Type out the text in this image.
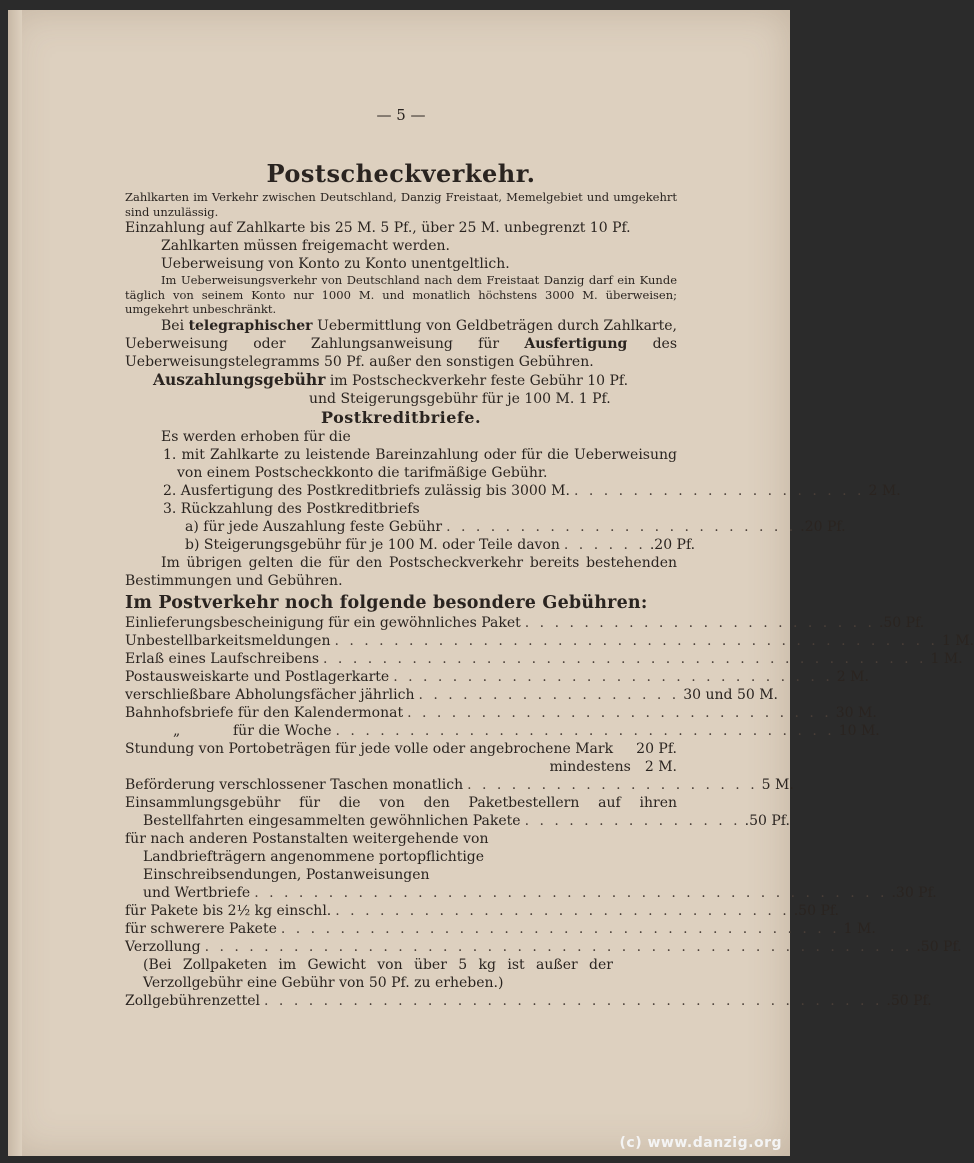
— 5 —
Postscheckverkehr.

Zahlkarten im Verkehr zwischen Deutschland, Danzig Freistaat, Memelgebiet und umgekehrt sind unzulässig.

Einzahlung auf Zahlkarte bis 25 M. 5 Pf., über 25 M. unbegrenzt 10 Pf.

Zahlkarten müssen freigemacht werden.

Ueberweisung von Konto zu Konto unentgeltlich.

Im Ueberweisungsverkehr von Deutschland nach dem Freistaat Danzig darf ein Kunde täglich von seinem Konto nur 1000 M. und monatlich höchstens 3000 M. überweisen; umgekehrt unbeschränkt.

Bei telegraphischer Uebermittlung von Geldbeträgen durch Zahlkarte, Ueberweisung oder Zahlungsanweisung für Ausfertigung des Ueberweisungstelegramms 50 Pf. außer den sonstigen Gebühren.

Auszahlungsgebühr im Postscheckverkehr feste Gebühr 10 Pf.

und Steigerungsgebühr für je 100 M. 1 Pf.

Postkreditbriefe.

Es werden erhoben für die

1. mit Zahlkarte zu leistende Bareinzahlung oder für die Ueberweisung von einem Postscheckkonto die tarifmäßige Gebühr.

2. Ausfertigung des Postkreditbriefs zulässig bis 3000 M. . . . . . . . . . . . . . . . . . . . . 2 M.

3. Rückzahlung des Postkreditbriefs

a) für jede Auszahlung feste Gebühr . . . . . . . . . . . . . . . . . . . . . . . . .20 Pf.
b) Steigerungsgebühr für je 100 M. oder Teile davon . . . . . . .20 Pf.

Im übrigen gelten die für den Postscheckverkehr bereits bestehenden Bestimmungen und Gebühren.

Im Postverkehr noch folgende besondere Gebühren:
Einlieferungsbescheinigung für ein gewöhnliches Paket . . . . . . . . . . . . . . . . . . . . . . . . .50 Pf.
Unbestellbarkeitsmeldungen . . . . . . . . . . . . . . . . . . . . . . . . . . . . . . . . . . . . . . . . . 1 M.
Erlaß eines Laufschreibens . . . . . . . . . . . . . . . . . . . . . . . . . . . . . . . . . . . . . . . . . 1 M.
Postausweiskarte und Postlagerkarte . . . . . . . . . . . . . . . . . . . . . . . . . . . . . . 2 M.
verschließbare Abholungsfächer jährlich . . . . . . . . . . . . . . . . . . 30 und 50 M.
Bahnhofsbriefe für den Kalendermonat . . . . . . . . . . . . . . . . . . . . . . . . . . . . . 30 M.
„	für die Woche . . . . . . . . . . . . . . . . . . . . . . . . . . . . . . . . . . 10 M.
Stundung von Portobeträgen für jede volle oder angebrochene Mark 20 Pf.
mindestens 2 M.
Beförderung verschlossener Taschen monatlich . . . . . . . . . . . . . . . . . . . . 5 M.

Einsammlungsgebühr für die von den Paketbestellern auf ihren

Bestellfahrten eingesammelten gewöhnlichen Pakete . . . . . . . . . . . . . . . .50 Pf.

für nach anderen Postanstalten weitergehende von Landbriefträgern angenommene portopflichtige Einschreibsendungen, Postanweisungen

und Wertbriefe . . . . . . . . . . . . . . . . . . . . . . . . . . . . . . . . . . . . . . . . . . . .30 Pf.
für Pakete bis 2½ kg einschl. . . . . . . . . . . . . . . . . . . . . . . . . . . . . . . . .50 Pf.
für schwerere Pakete . . . . . . . . . . . . . . . . . . . . . . . . . . . . . . . . . . . . . . 1 M.
Verzollung . . . . . . . . . . . . . . . . . . . . . . . . . . . . . . . . . . . . . . . . . . . . . . . . .50 Pf.

(Bei Zollpaketen im Gewicht von über 5 kg ist außer der Verzollgebühr eine Gebühr von 50 Pf. zu erheben.)

Zollgebührenzettel . . . . . . . . . . . . . . . . . . . . . . . . . . . . . . . . . . . . . . . . . . .50 Pf.
(c) www.danzig.org
